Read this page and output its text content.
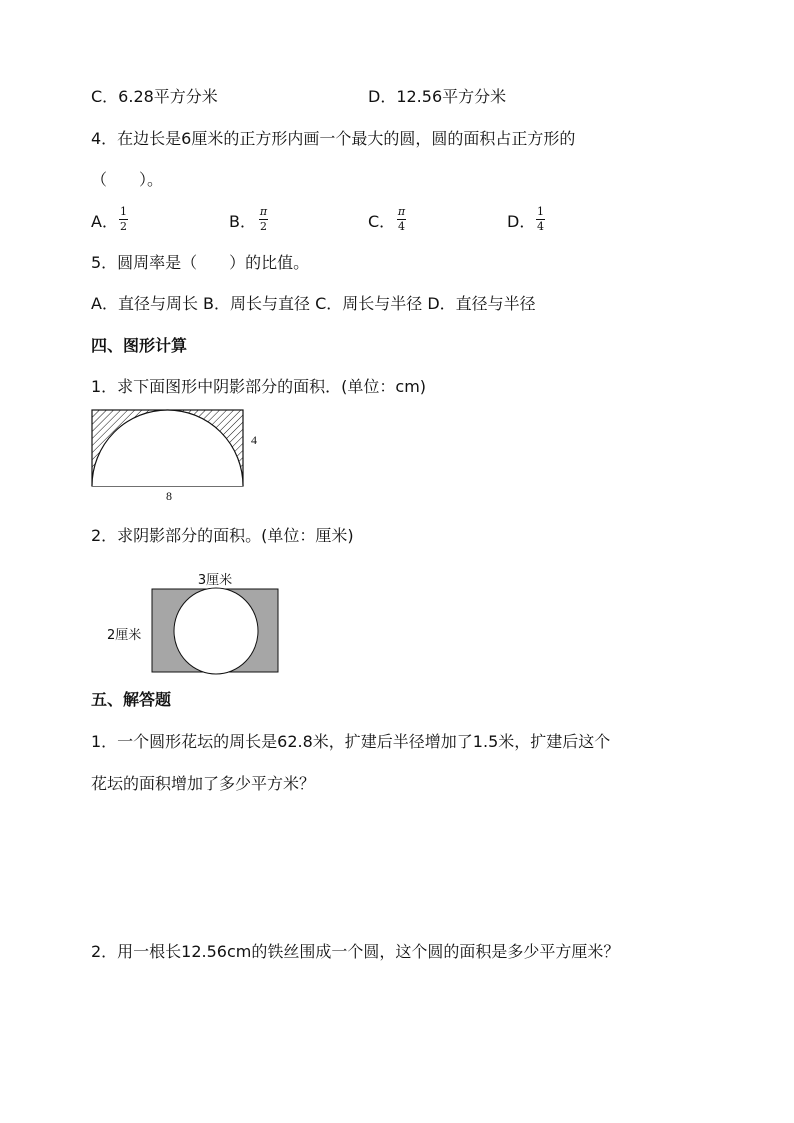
C．6.28平方分米	D．12.56平方分米
4．在边长是6厘米的正方形内画一个最大的圆，圆的面积占正方形的
（　　）。
A．
1
2	B．
π
2	C．
π
4	D．
1
4
5．圆周率是（　　）的比值。
A．直径与周长 B．周长与直径 C．周长与半径 D．直径与半径
四、图形计算
1．求下面图形中阴影部分的面积．(单位：cm)
8
4
2．求阴影部分的面积。(单位：厘米)
3厘米
2厘米
五、解答题
1．一个圆形花坛的周长是62.8米，扩建后半径增加了1.5米，扩建后这个
花坛的面积增加了多少平方米？
2．用一根长12.56cm的铁丝围成一个圆，这个圆的面积是多少平方厘米？
